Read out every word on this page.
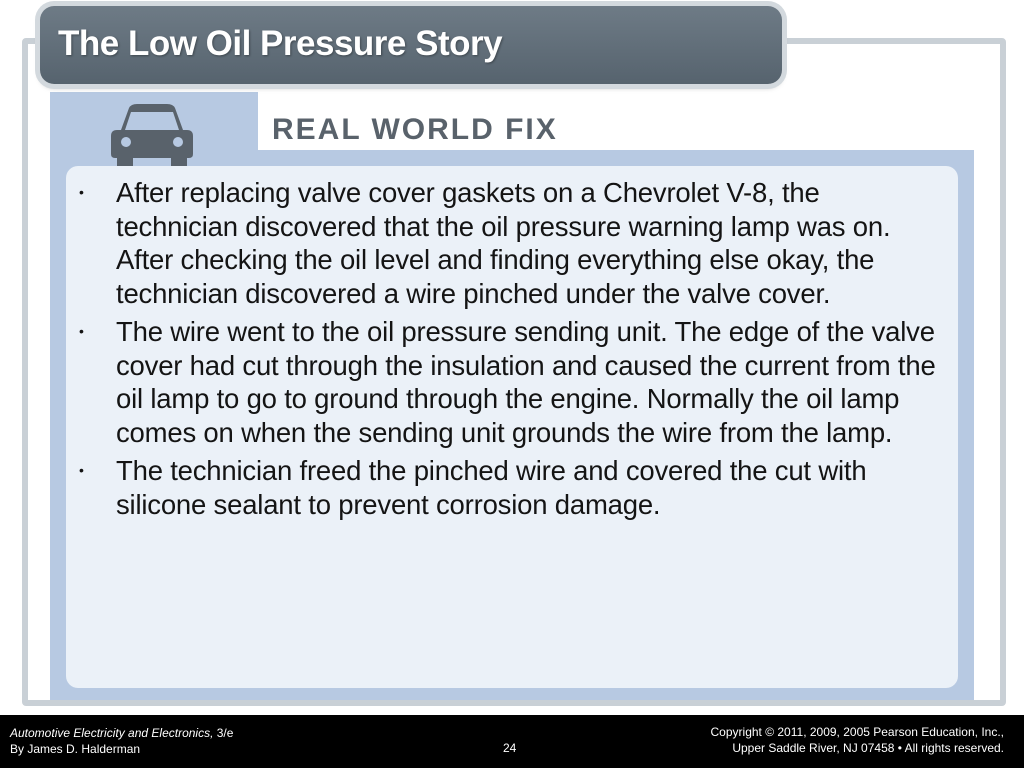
The Low Oil Pressure Story
REAL WORLD FIX
• After replacing valve cover gaskets on a Chevrolet V-8, the technician discovered that the oil pressure warning lamp was on. After checking the oil level and finding everything else okay, the technician discovered a wire pinched under the valve cover.
• The wire went to the oil pressure sending unit. The edge of the valve cover had cut through the insulation and caused the current from the oil lamp to go to ground through the engine. Normally the oil lamp comes on when the sending unit grounds the wire from the lamp.
• The technician freed the pinched wire and covered the cut with silicone sealant to prevent corrosion damage.
Automotive Electricity and Electronics, 3/e
By James D. Halderman	24
Copyright © 2011, 2009, 2005 Pearson Education, Inc.,
Upper Saddle River, NJ 07458 • All rights reserved.
